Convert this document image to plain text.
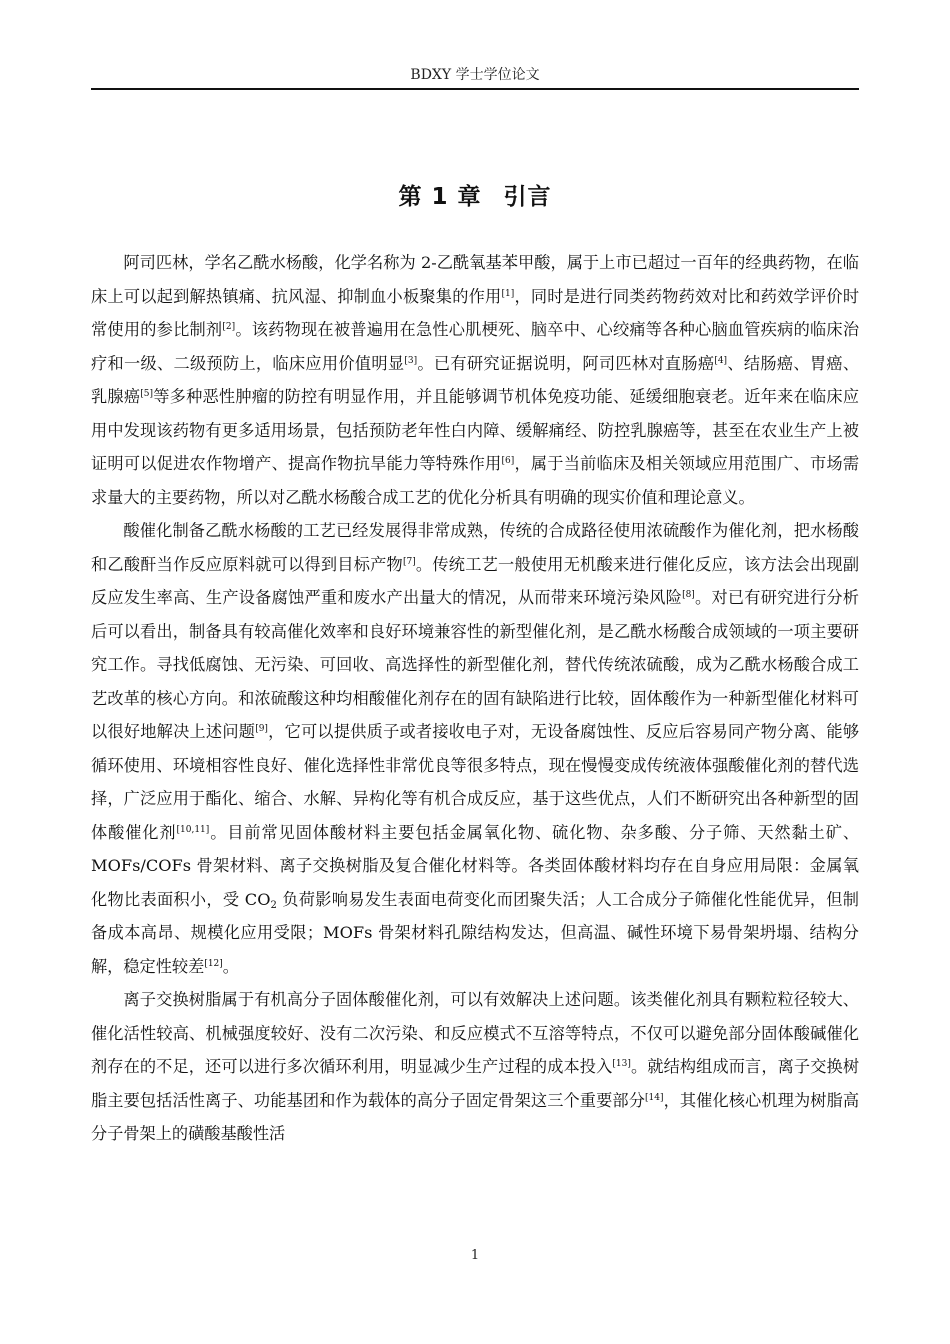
BDXY 学士学位论文
第 1 章 引言

阿司匹林，学名乙酰水杨酸，化学名称为 2-乙酰氧基苯甲酸，属于上市已超过一百年的经典药物，在临床上可以起到解热镇痛、抗风湿、抑制血小板聚集的作用[1]，同时是进行同类药物药效对比和药效学评价时常使用的参比制剂[2]。该药物现在被普遍用在急性心肌梗死、脑卒中、心绞痛等各种心脑血管疾病的临床治疗和一级、二级预防上，临床应用价值明显[3]。已有研究证据说明，阿司匹林对直肠癌[4]、结肠癌、胃癌、乳腺癌[5]等多种恶性肿瘤的防控有明显作用，并且能够调节机体免疫功能、延缓细胞衰老。近年来在临床应用中发现该药物有更多适用场景，包括预防老年性白内障、缓解痛经、防控乳腺癌等，甚至在农业生产上被证明可以促进农作物增产、提高作物抗旱能力等特殊作用[6]，属于当前临床及相关领域应用范围广、市场需求量大的主要药物，所以对乙酰水杨酸合成工艺的优化分析具有明确的现实价值和理论意义。

酸催化制备乙酰水杨酸的工艺已经发展得非常成熟，传统的合成路径使用浓硫酸作为催化剂，把水杨酸和乙酸酐当作反应原料就可以得到目标产物[7]。传统工艺一般使用无机酸来进行催化反应，该方法会出现副反应发生率高、生产设备腐蚀严重和废水产出量大的情况，从而带来环境污染风险[8]。对已有研究进行分析后可以看出，制备具有较高催化效率和良好环境兼容性的新型催化剂，是乙酰水杨酸合成领域的一项主要研究工作。寻找低腐蚀、无污染、可回收、高选择性的新型催化剂，替代传统浓硫酸，成为乙酰水杨酸合成工艺改革的核心方向。和浓硫酸这种均相酸催化剂存在的固有缺陷进行比较，固体酸作为一种新型催化材料可以很好地解决上述问题[9]，它可以提供质子或者接收电子对，无设备腐蚀性、反应后容易同产物分离、能够循环使用、环境相容性良好、催化选择性非常优良等很多特点，现在慢慢变成传统液体强酸催化剂的替代选择，广泛应用于酯化、缩合、水解、异构化等有机合成反应，基于这些优点，人们不断研究出各种新型的固体酸催化剂[10,11]。目前常见固体酸材料主要包括金属氧化物、硫化物、杂多酸、分子筛、天然黏土矿、MOFs/COFs 骨架材料、离子交换树脂及复合催化材料等。各类固体酸材料均存在自身应用局限：金属氧化物比表面积小，受 $CO_2$ 负荷影响易发生表面电荷变化而团聚失活；人工合成分子筛催化性能优异，但制备成本高昂、规模化应用受限；MOFs 骨架材料孔隙结构发达，但高温、碱性环境下易骨架坍塌、结构分解，稳定性较差[12]。

离子交换树脂属于有机高分子固体酸催化剂，可以有效解决上述问题。该类催化剂具有颗粒粒径较大、催化活性较高、机械强度较好、没有二次污染、和反应模式不互溶等特点，不仅可以避免部分固体酸碱催化剂存在的不足，还可以进行多次循环利用，明显减少生产过程的成本投入[13]。就结构组成而言，离子交换树脂主要包括活性离子、功能基团和作为载体的高分子固定骨架这三个重要部分[14]，其催化核心机理为树脂高分子骨架上的磺酸基酸性活

1
